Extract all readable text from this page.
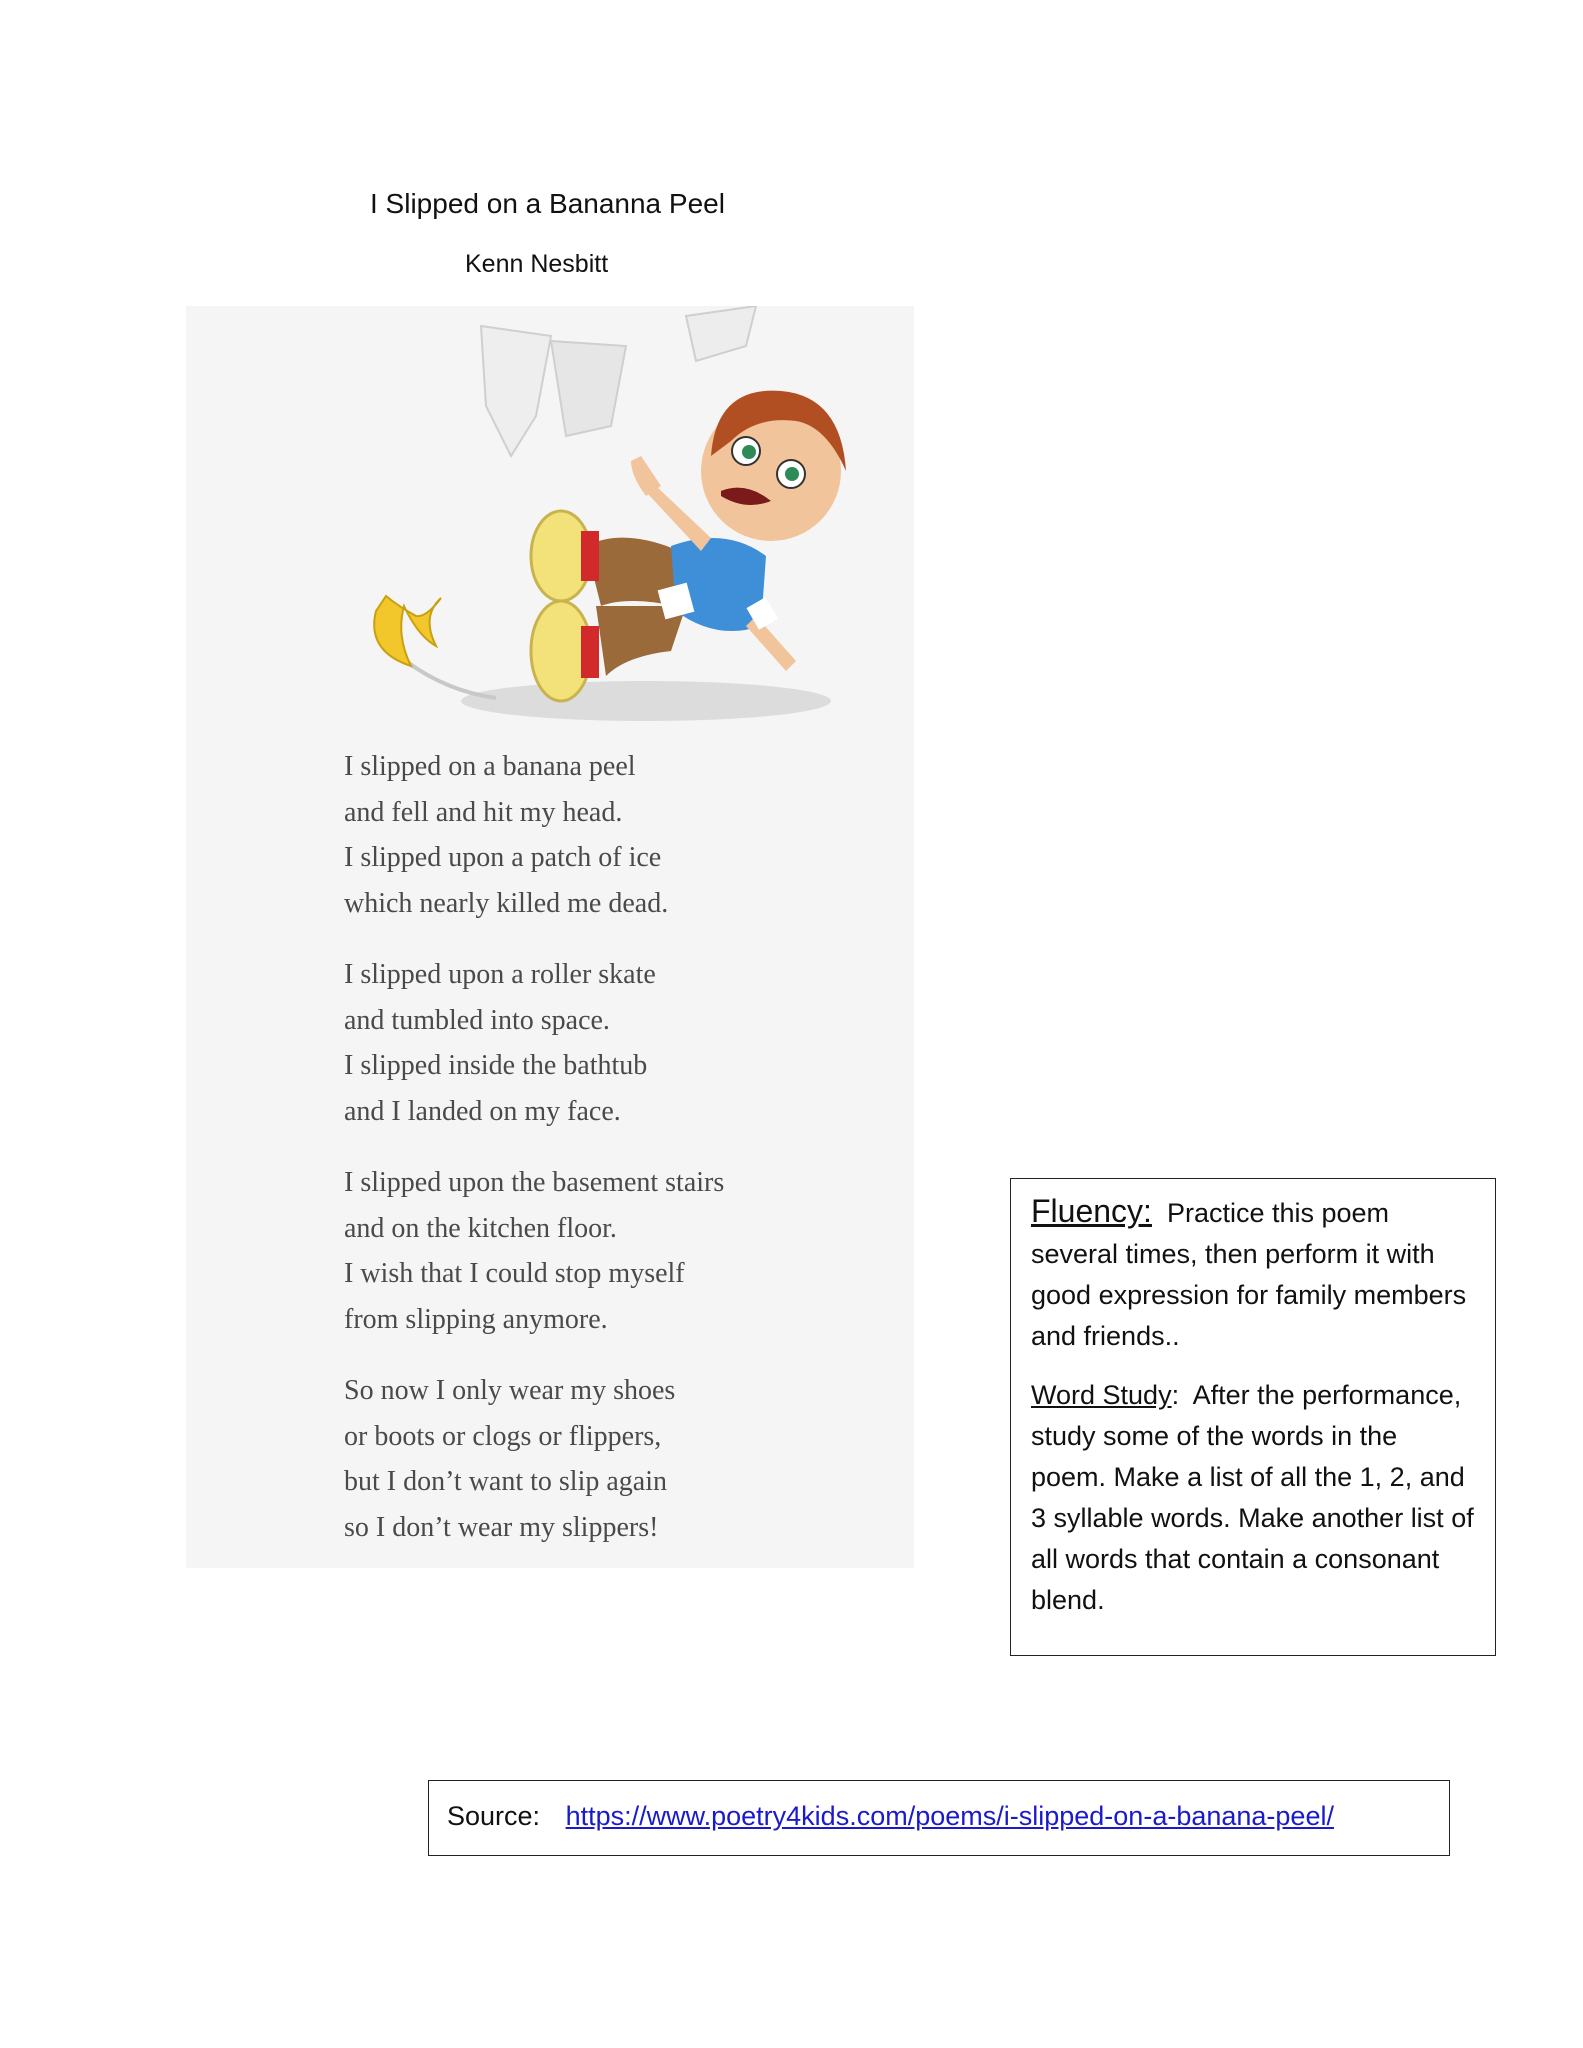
I Slipped on a Bananna Peel
Kenn Nesbitt
I slipped on a banana peel
and fell and hit my head.
I slipped upon a patch of ice
which nearly killed me dead.
I slipped upon a roller skate
and tumbled into space.
I slipped inside the bathtub
and I landed on my face.
I slipped upon the basement stairs
and on the kitchen floor.
I wish that I could stop myself
from slipping anymore.
So now I only wear my shoes
or boots or clogs or flippers,
but I don’t want to slip again
so I don’t wear my slippers!

Fluency: Practice this poem several times, then perform it with good expression for family members and friends..

Word Study:  After the performance, study some of the words in the poem. Make a list of all the 1, 2, and 3 syllable words. Make another list of all words that contain a consonant blend.

Source: https://www.poetry4kids.com/poems/i-slipped-on-a-banana-peel/
